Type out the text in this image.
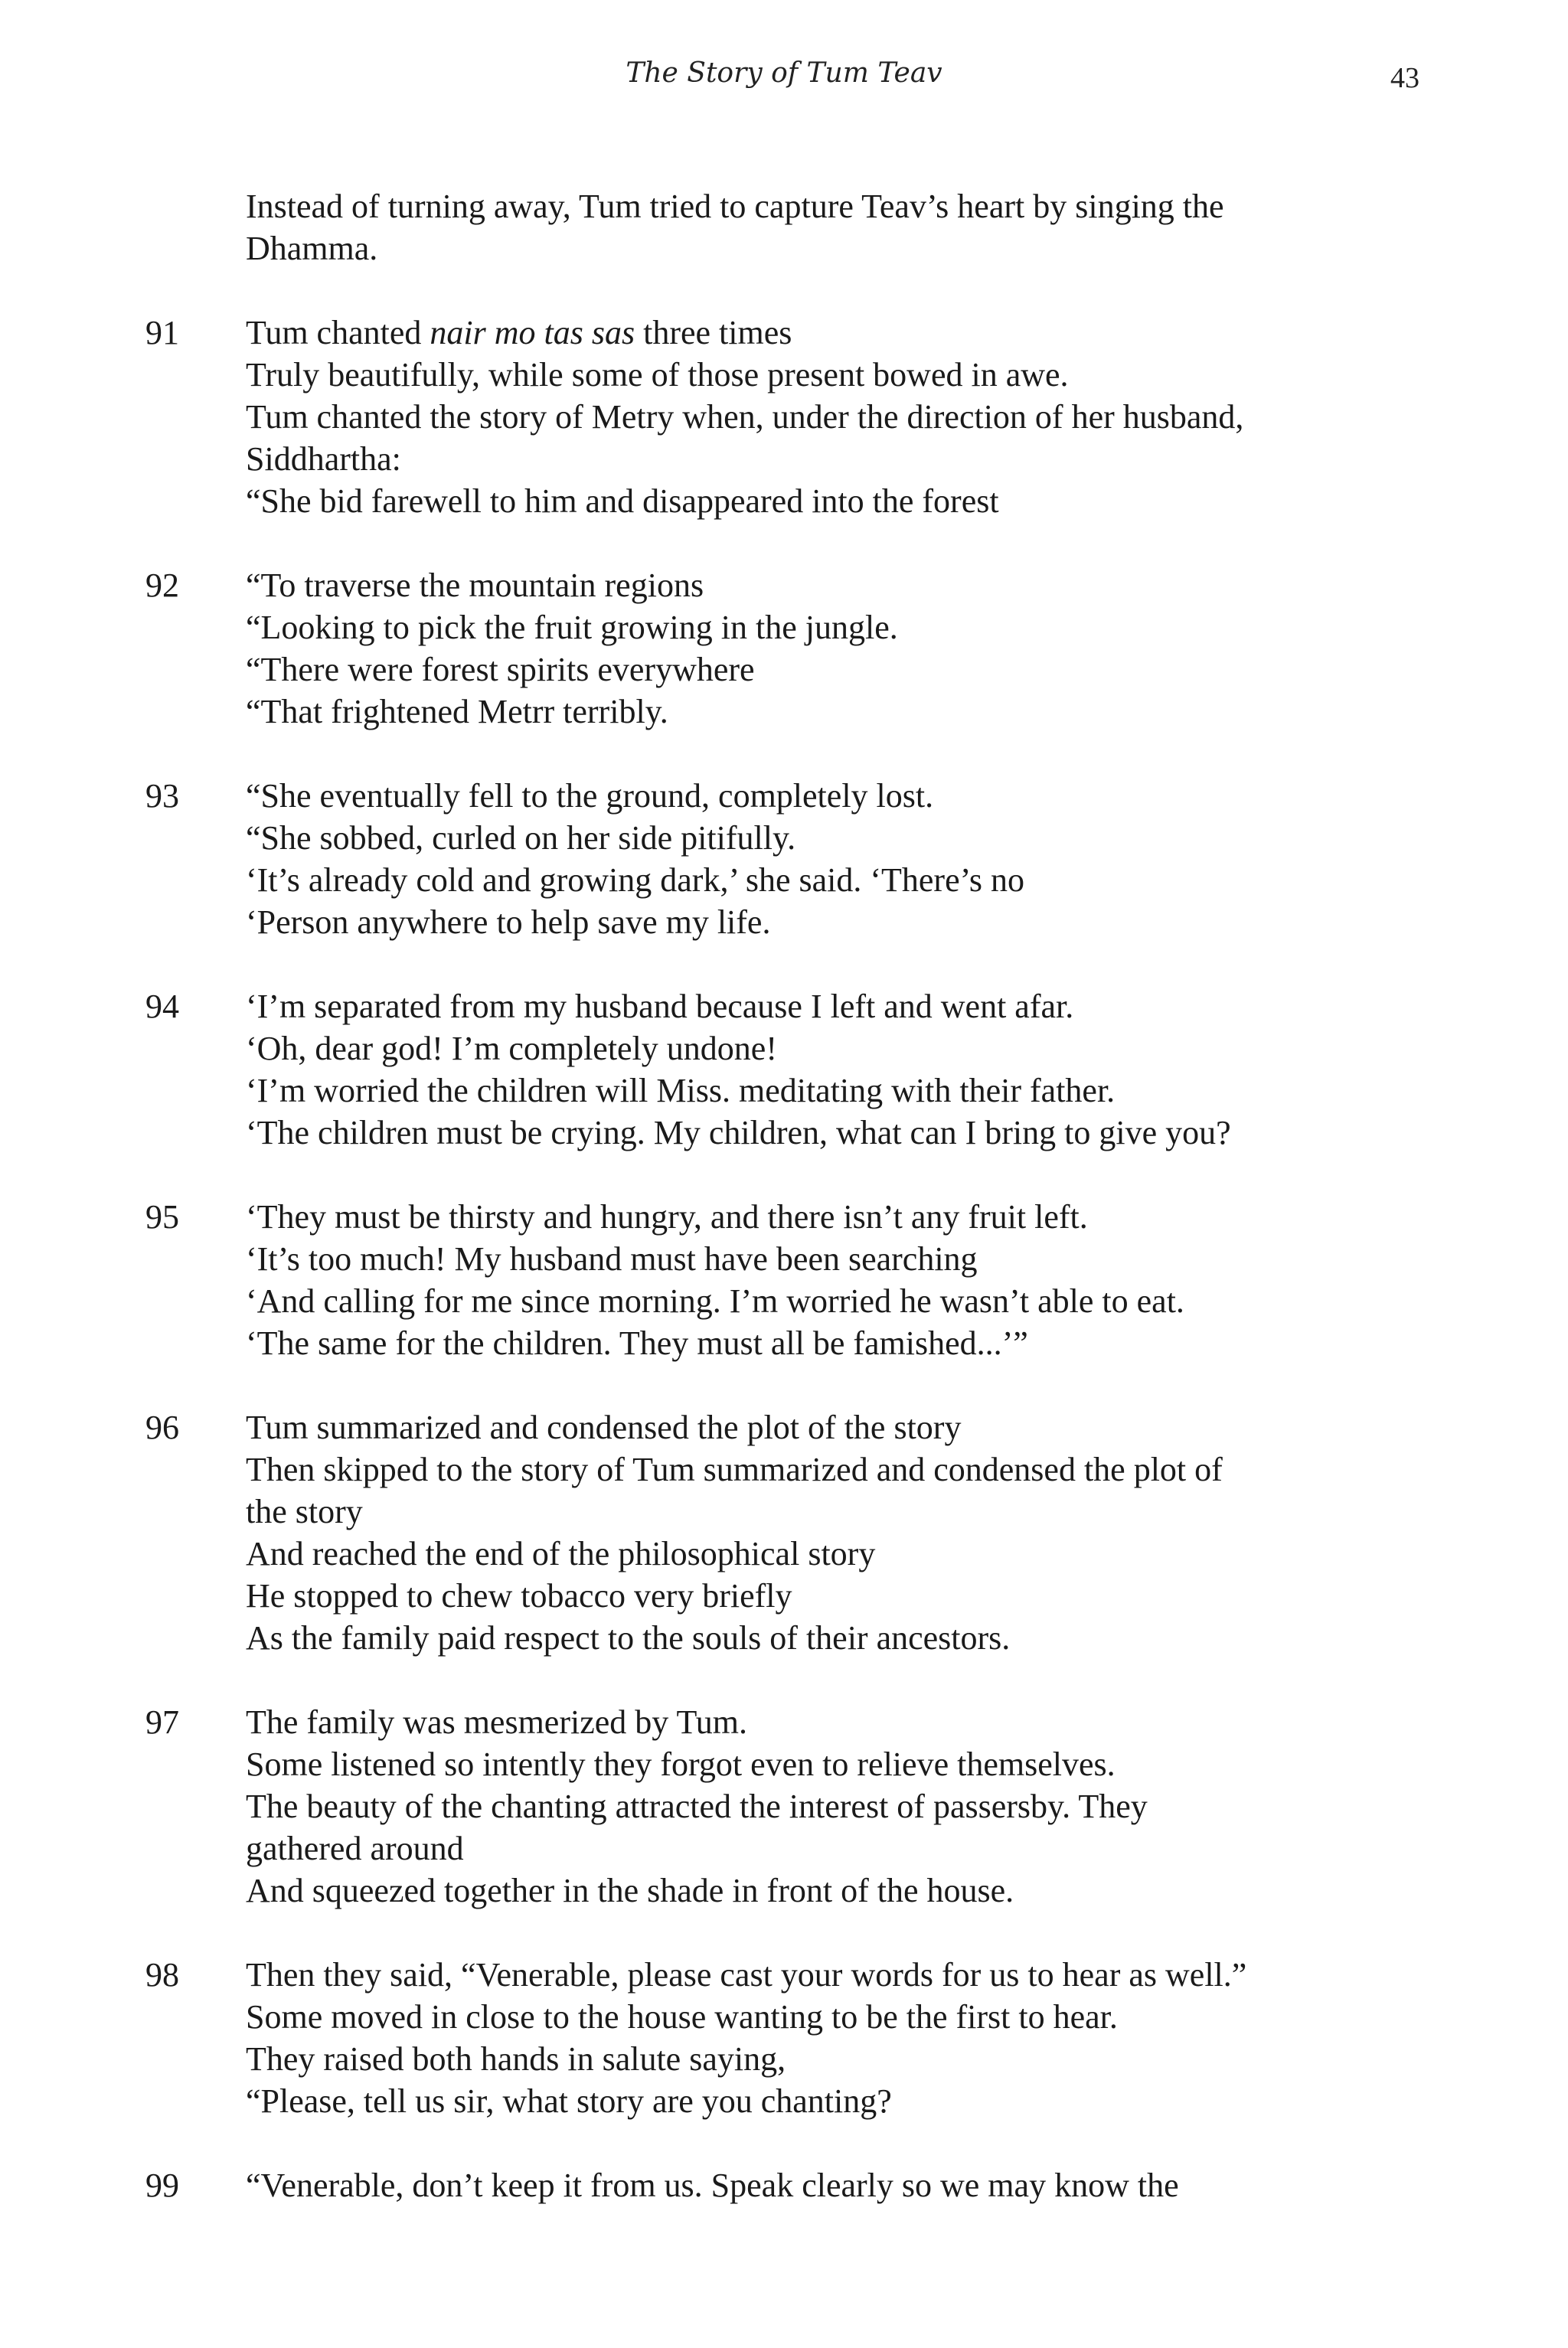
The Story of Tum Teav	43
Instead of turning away, Tum tried to capture Teav’s heart by singing the
Dhamma.
91	Tum chanted nair mo tas sas three times
Truly beautifully, while some of those present bowed in awe.
Tum chanted the story of Metry when, under the direction of her husband,
Siddhartha:
“She bid farewell to him and disappeared into the forest
92	“To traverse the mountain regions
“Looking to pick the fruit growing in the jungle.
“There were forest spirits everywhere
“That frightened Metrr terribly.
93	“She eventually fell to the ground, completely lost.
“She sobbed, curled on her side pitifully.
‘It’s already cold and growing dark,’ she said. ‘There’s no
‘Person anywhere to help save my life.
94	‘I’m separated from my husband because I left and went afar.
‘Oh, dear god! I’m completely undone!
‘I’m worried the children will Miss. meditating with their father.
‘The children must be crying. My children, what can I bring to give you?
95	‘They must be thirsty and hungry, and there isn’t any fruit left.
‘It’s too much! My husband must have been searching
‘And calling for me since morning. I’m worried he wasn’t able to eat.
‘The same for the children. They must all be famished...’”
96	Tum summarized and condensed the plot of the story
Then skipped to the story of Tum summarized and condensed the plot of
the story
And reached the end of the philosophical story
He stopped to chew tobacco very briefly
As the family paid respect to the souls of their ancestors.
97	The family was mesmerized by Tum.
Some listened so intently they forgot even to relieve themselves.
The beauty of the chanting attracted the interest of passersby. They
gathered around
And squeezed together in the shade in front of the house.
98	Then they said, “Venerable, please cast your words for us to hear as well.”
Some moved in close to the house wanting to be the first to hear.
They raised both hands in salute saying,
“Please, tell us sir, what story are you chanting?
99	“Venerable, don’t keep it from us. Speak clearly so we may know the
